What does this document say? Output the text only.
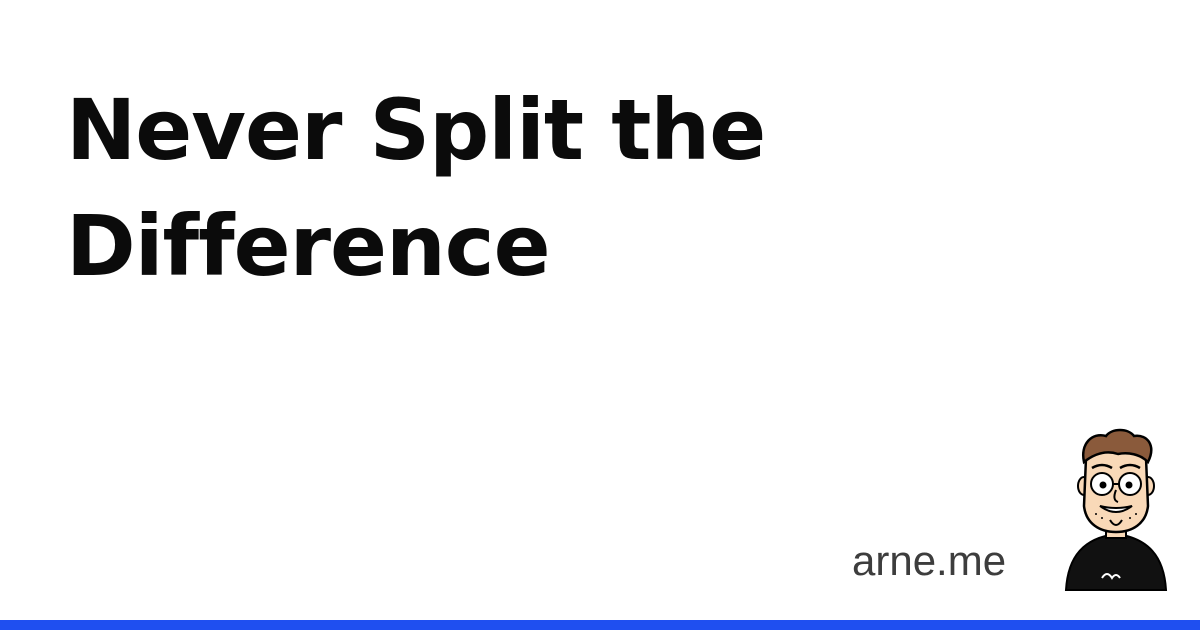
Never Split the Difference
arne.me
